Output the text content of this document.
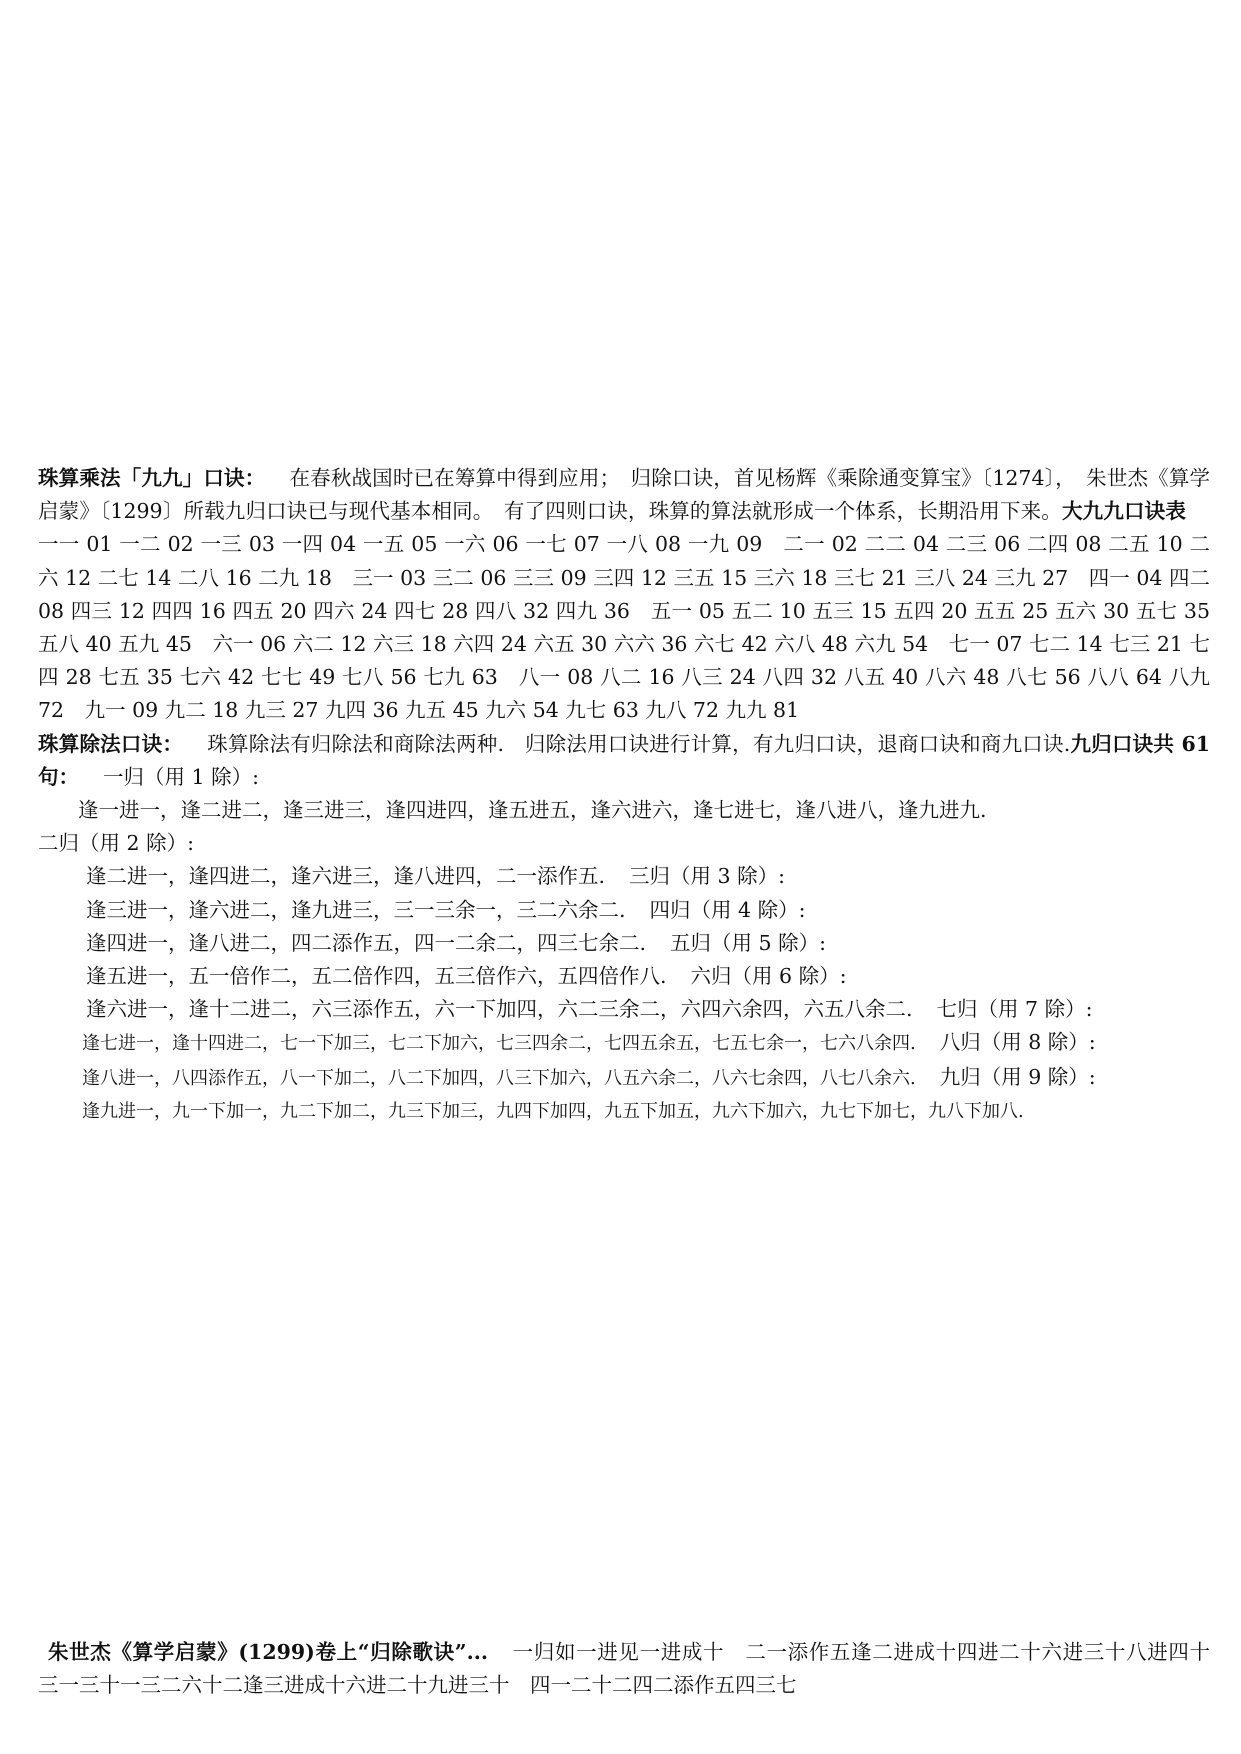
珠算乘法「九九」口诀： 在春秋战国时已在筹算中得到应用；　归除口诀，首见杨辉《乘除通变算宝》〔1274〕，　朱世杰《算学启蒙》〔1299〕所载九归口诀已与现代基本相同。　有了四则口诀，珠算的算法就形成一个体系，长期沿用下来。大九九口诀表一一 01 一二 02 一三 03 一四 04 一五 05 一六 06 一七 07 一八 08 一九 09　二一 02 二二 04 二三 06 二四 08 二五 10 二六 12 二七 14 二八 16 二九 18　三一 03 三二 06 三三 09 三四 12 三五 15 三六 18 三七 21 三八 24 三九 27　四一 04 四二 08 四三 12 四四 16 四五 20 四六 24 四七 28 四八 32 四九 36　五一 05 五二 10 五三 15 五四 20 五五 25 五六 30 五七 35 五八 40 五九 45　六一 06 六二 12 六三 18 六四 24 六五 30 六六 36 六七 42 六八 48 六九 54　七一 07 七二 14 七三 21 七四 28 七五 35 七六 42 七七 49 七八 56 七九 63　八一 08 八二 16 八三 24 八四 32 八五 40 八六 48 八七 56 八八 64 八九 72　九一 09 九二 18 九三 27 九四 36 九五 45 九六 54 九七 63 九八 72 九九 81

珠算除法口诀： 珠算除法有归除法和商除法两种.　归除法用口诀进行计算，有九归口诀，退商口诀和商九口诀.九归口诀共 61 句： 一归（用 1 除）:

逢一进一，逢二进二，逢三进三，逢四进四，逢五进五，逢六进六，逢七进七，逢八进八，逢九进九.

二归（用 2 除）:

逢二进一，逢四进二，逢六进三，逢八进四，二一添作五. 三归（用 3 除）:

逢三进一，逢六进二，逢九进三，三一三余一，三二六余二. 四归（用 4 除）:

逢四进一，逢八进二，四二添作五，四一二余二，四三七余二. 五归（用 5 除）:

逢五进一，五一倍作二，五二倍作四，五三倍作六，五四倍作八. 六归（用 6 除）:

逢六进一，逢十二进二，六三添作五，六一下加四，六二三余二，六四六余四，六五八余二. 七归（用 7 除）:

逢七进一，逢十四进二，七一下加三，七二下加六，七三四余二，七四五余五，七五七余一，七六八余四. 八归（用 8 除）:

逢八进一，八四添作五，八一下加二，八二下加四，八三下加六，八五六余二，八六七余四，八七八余六. 九归（用 9 除）:

逢九进一，九一下加一，九二下加二，九三下加三，九四下加四，九五下加五，九六下加六，九七下加七，九八下加八.

朱世杰《算学启蒙》(1299)卷上“归除歌诀”... 一归如一进见一进成十　二一添作五逢二进成十四进二十六进三十八进四十　三一三十一三二六十二逢三进成十六进二十九进三十　四一二十二四二添作五四三七
